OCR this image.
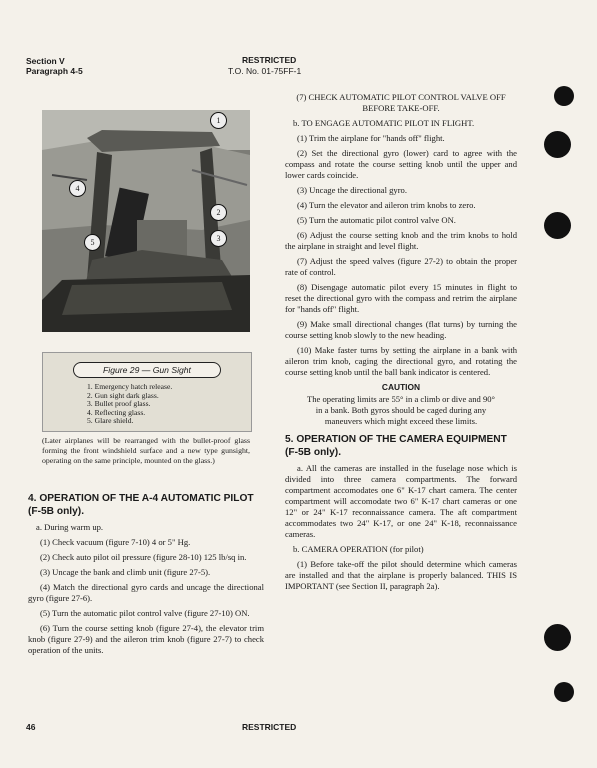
Section V
Paragraph 4-5
RESTRICTED
T.O. No. 01-75FF-1
1
2
3
4
5
Figure 29 — Gun Sight
1. Emergency hatch release.
2. Gun sight dark glass.
3. Bullet proof glass.
4. Reflecting glass.
5. Glare shield.
(Later airplanes will be rearranged with the bullet-proof glass forming the front windshield surface and a new type gunsight, operating on the same principle, mounted on the glass.)
4. OPERATION OF THE A-4 AUTOMATIC PILOT (F-5B only).

a. During warm up.

(1) Check vacuum (figure 7-10) 4 or 5" Hg.

(2) Check auto pilot oil pressure (figure 28-10) 125 lb/sq in.

(3) Uncage the bank and climb unit (figure 27-5).

(4) Match the directional gyro cards and uncage the directional gyro (figure 27-6).

(5) Turn the automatic pilot control valve (figure 27-10) ON.

(6) Turn the course setting knob (figure 27-4), the elevator trim knob (figure 27-9) and the aileron trim knob (figure 27-7) to check operation of the units.

(7) CHECK AUTOMATIC PILOT CONTROL VALVE OFF BEFORE TAKE-OFF.

b. TO ENGAGE AUTOMATIC PILOT IN FLIGHT.

(1) Trim the airplane for "hands off" flight.

(2) Set the directional gyro (lower) card to agree with the compass and rotate the course setting knob until the upper and lower cards coincide.

(3) Uncage the directional gyro.

(4) Turn the elevator and aileron trim knobs to zero.

(5) Turn the automatic pilot control valve ON.

(6) Adjust the course setting knob and the trim knobs to hold the airplane in straight and level flight.

(7) Adjust the speed valves (figure 27-2) to obtain the proper rate of control.

(8) Disengage automatic pilot every 15 minutes in flight to reset the directional gyro with the compass and retrim the airplane for "hands off" flight.

(9) Make small directional changes (flat turns) by turning the course setting knob slowly to the new heading.

(10) Make faster turns by setting the airplane in a bank with aileron trim knob, caging the directional gyro, and rotating the course setting knob until the ball bank indicator is centered.

CAUTION

The operating limits are 55° in a climb or dive and 90° in a bank. Both gyros should be caged during any maneuvers which might exceed these limits.

5. OPERATION OF THE CAMERA EQUIPMENT (F-5B only).

a. All the cameras are installed in the fuselage nose which is divided into three camera compartments. The forward compartment accomodates one 6" K-17 chart camera. The center compartment will accomodate two 6" K-17 chart cameras or one 12" or 24" K-17 reconnaissance camera. The aft compartment accommodates two 24" K-17, or one 24" K-18, reconnaissance cameras.

b. CAMERA OPERATION (for pilot)

(1) Before take-off the pilot should determine which cameras are installed and that the airplane is properly balanced. THIS IS IMPORTANT (see Section II, paragraph 2a).

46	RESTRICTED
